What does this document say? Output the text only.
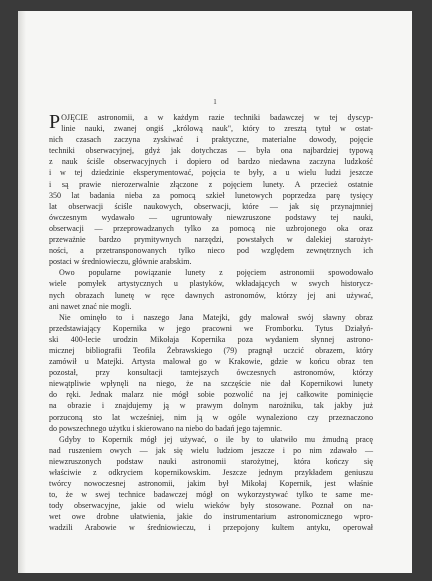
1
P OJĘCIE astronomii, a w każdym razie techniki badawczej w tej dyscyp-

linie nauki, zwanej ongiś „królową nauk", który to zresztą tytuł w ostat-

nich czasach zaczyna zyskiwać i praktyczne, materialne dowody, pojęcie

techniki obserwacyjnej, gdyż jak dotychczas — była ona najbardziej typową

z nauk ściśle obserwacyjnych i dopiero od bardzo niedawna zaczyna ludzkość

i w tej dziedzinie eksperymentować, pojęcia te były, a u wielu ludzi jeszcze

i są prawie nierozerwalnie złączone z pojęciem lunety. A przecież ostatnie

350 lat badania nieba za pomocą szkieł lunetowych poprzedza parę tysięcy

lat obserwacji ściśle naukowych, obserwacji, które — jak się przynajmniej

ówczesnym wydawało — ugruntowały niewzruszone podstawy tej nauki,

obserwacji — przeprowadzanych tylko za pomocą nie uzbrojonego oka oraz

przeważnie bardzo prymitywnych narzędzi, powstałych w dalekiej starożyt-

ności, a przetransponowanych tylko nieco pod względem zewnętrznych ich

postaci w średniowieczu, głównie arabskim.

Owo popularne powiązanie lunety z pojęciem astronomii spowodowało

wiele pomyłek artystycznych u plastyków, wkładających w swych historycz-

nych obrazach lunetę w ręce dawnych astronomów, którzy jej ani używać,

ani nawet znać nie mogli.

Nie ominęło to i naszego Jana Matejki, gdy malował swój sławny obraz

przedstawiający Kopernika w jego pracowni we Fromborku. Tytus Działyń-

ski 400-lecie urodzin Mikołaja Kopernika poza wydaniem słynnej astrono-

micznej bibliografii Teofila Żebrawskiego (79) pragnął uczcić obrazem, który

zamówił u Matejki. Artysta malował go w Krakowie, gdzie w końcu obraz ten

pozostał, przy konsultacji tamtejszych ówczesnych astronomów, którzy

niewątpliwie wpłynęli na niego, że na szczęście nie dał Kopernikowi lunety

do ręki. Jednak malarz nie mógł sobie pozwolić na jej całkowite pominięcie

na obrazie i znajdujemy ją w prawym dolnym narożniku, tak jakby już

porzuconą sto lat wcześniej, nim ją w ogóle wynaleziono czy przeznaczono

do powszechnego użytku i skierowano na niebo do badań jego tajemnic.

Gdyby to Kopernik mógł jej używać, o ile by to ułatwiło mu żmudną pracę

nad ruszeniem owych — jak się wielu ludziom jeszcze i po nim zdawało —

niewzruszonych podstaw nauki astronomii starożytnej, która kończy się

właściwie z odkryciem kopernikowskim. Jeszcze jednym przykładem geniuszu

twórcy nowoczesnej astronomii, jakim był Mikołaj Kopernik, jest właśnie

to, że w swej technice badawczej mógł on wykorzystywać tylko te same me-

tody obserwacyjne, jakie od wielu wieków były stosowane. Poznał on na-

wet owe drobne ułatwienia, jakie do instrumentarium astronomicznego wpro-

wadzili Arabowie w średniowieczu, i przepojony kultem antyku, operował
